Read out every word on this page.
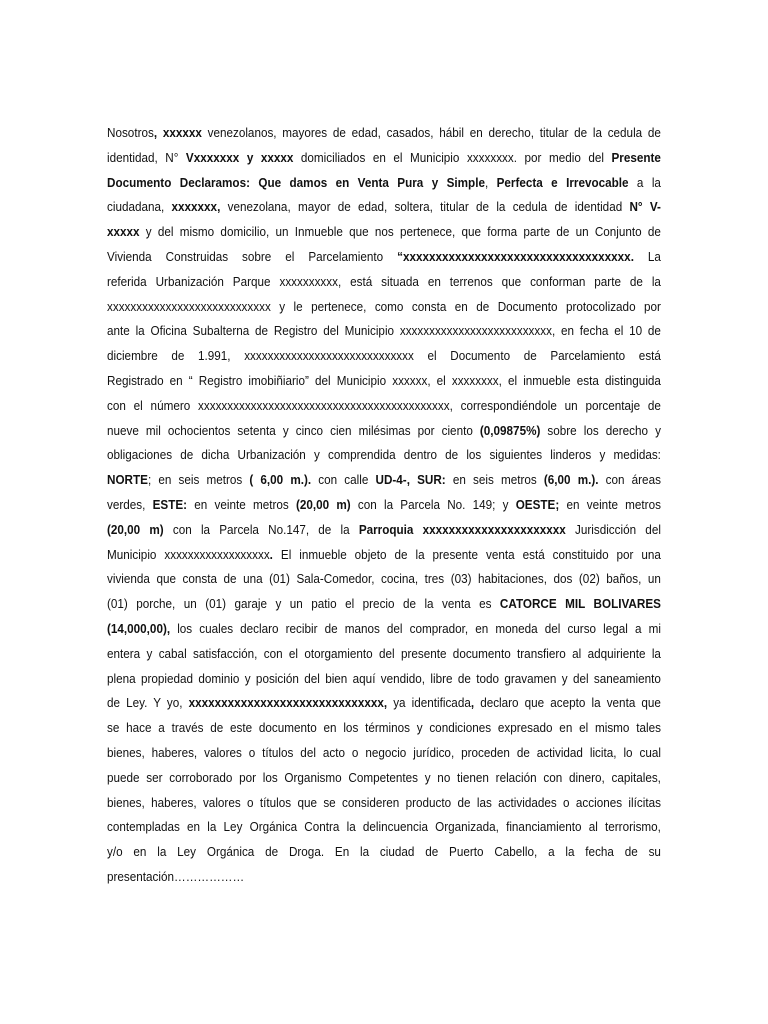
Nosotros, xxxxxx venezolanos, mayores de edad, casados, hábil en derecho, titular de la cedula de
identidad, N° Vxxxxxxx y xxxxx domiciliados en el Municipio xxxxxxxx. por medio del Presente
Documento Declaramos: Que damos en Venta Pura y Simple, Perfecta e Irrevocable a la
ciudadana, xxxxxxx, venezolana, mayor de edad, soltera, titular de la cedula de identidad N° V-
xxxxx y del mismo domicilio, un Inmueble que nos pertenece, que forma parte de un Conjunto de
Vivienda Construidas sobre el Parcelamiento “xxxxxxxxxxxxxxxxxxxxxxxxxxxxxxxxxxx. La
referida Urbanización Parque xxxxxxxxxx, está situada en terrenos que conforman parte de la
xxxxxxxxxxxxxxxxxxxxxxxxxxxx y le pertenece, como consta en de Documento protocolizado por
ante la Oficina Subalterna de Registro del Municipio xxxxxxxxxxxxxxxxxxxxxxxxxx, en fecha el 10 de
diciembre de 1.991, xxxxxxxxxxxxxxxxxxxxxxxxxxxxx el Documento de Parcelamiento está
Registrado en “ Registro imobiñiario” del Municipio xxxxxx, el xxxxxxxx, el inmueble esta distinguida
con el número xxxxxxxxxxxxxxxxxxxxxxxxxxxxxxxxxxxxxxxxxxx, correspondiéndole un porcentaje de
nueve mil ochocientos setenta y cinco cien milésimas por ciento (0,09875%) sobre los derecho y
obligaciones de dicha Urbanización y comprendida dentro de los siguientes linderos y medidas:
NORTE; en seis metros ( 6,00 m.). con calle UD-4-, SUR: en seis metros (6,00 m.). con áreas
verdes, ESTE: en veinte metros (20,00 m) con la Parcela No. 149; y OESTE; en veinte metros
(20,00 m) con la Parcela No.147, de la Parroquia xxxxxxxxxxxxxxxxxxxxxx Jurisdicción del
Municipio xxxxxxxxxxxxxxxxxx. El inmueble objeto de la presente venta está constituido por una
vivienda que consta de una (01) Sala-Comedor, cocina, tres (03) habitaciones, dos (02) baños, un
(01) porche, un (01) garaje y un patio el precio de la venta es CATORCE MIL BOLIVARES
(14,000,00), los cuales declaro recibir de manos del comprador, en moneda del curso legal a mi
entera y cabal satisfacción, con el otorgamiento del presente documento transfiero al adquiriente la
plena propiedad dominio y posición del bien aquí vendido, libre de todo gravamen y del saneamiento
de Ley. Y yo, xxxxxxxxxxxxxxxxxxxxxxxxxxxxxx, ya identificada, declaro que acepto la venta que
se hace a través de este documento en los términos y condiciones expresado en el mismo tales
bienes, haberes, valores o títulos del acto o negocio jurídico, proceden de actividad licita, lo cual
puede ser corroborado por los Organismo Competentes y no tienen relación con dinero, capitales,
bienes, haberes, valores o títulos que se consideren producto de las actividades o acciones ilícitas
contempladas en la Ley Orgánica Contra la delincuencia Organizada, financiamiento al terrorismo,
y/o en la Ley Orgánica de Droga. En la ciudad de Puerto Cabello, a la fecha de su
presentación………………
